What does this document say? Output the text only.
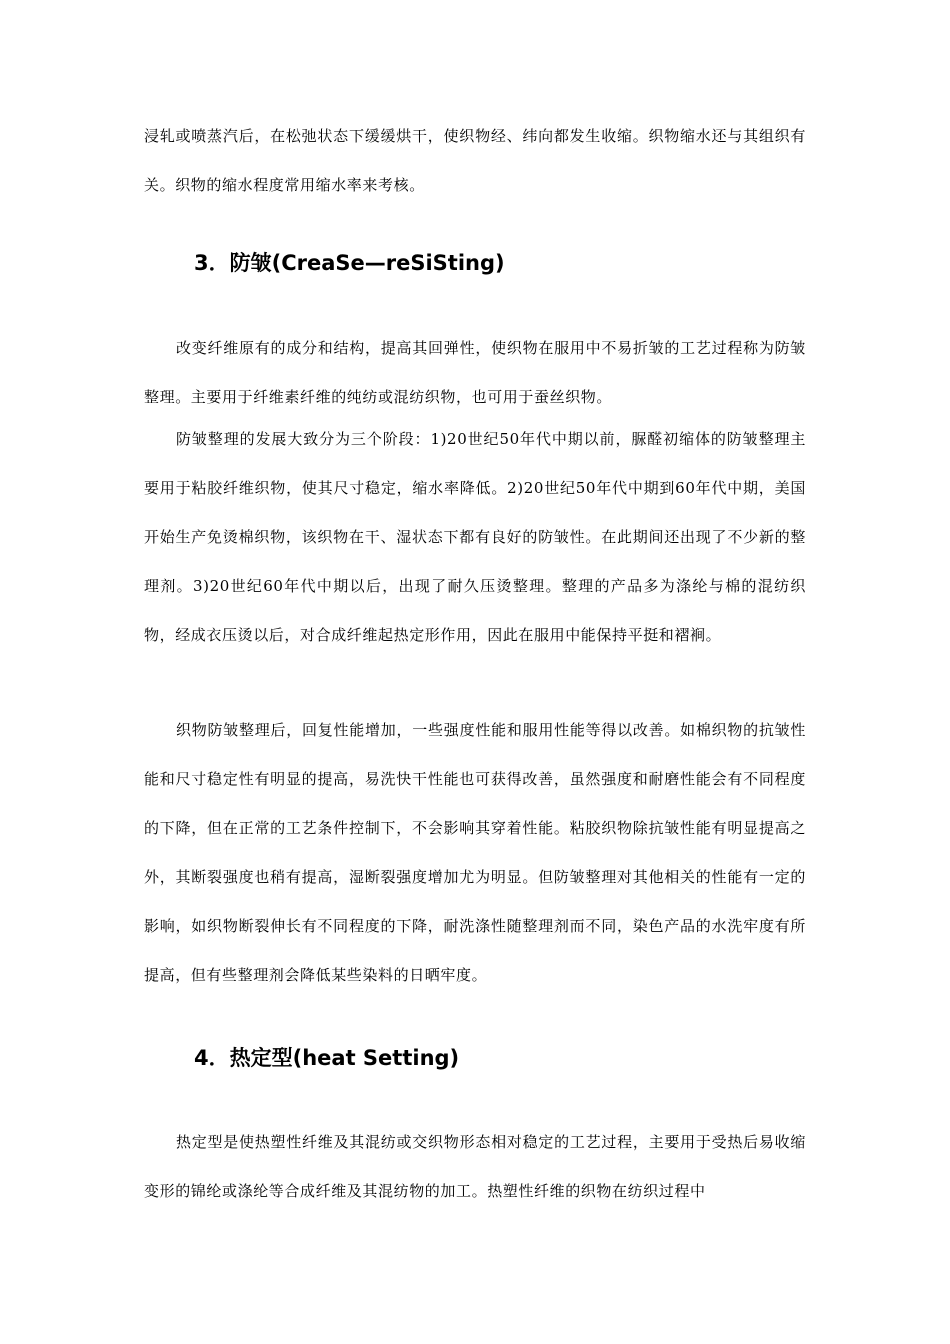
浸轧或喷蒸汽后，在松弛状态下缓缓烘干，使织物经、纬向都发生收缩。织物缩水还与其组织有关。织物的缩水程度常用缩水率来考核。

3．防皱(CreaSe—reSiSting)

改变纤维原有的成分和结构，提高其回弹性，使织物在服用中不易折皱的工艺过程称为防皱整理。主要用于纤维素纤维的纯纺或混纺织物，也可用于蚕丝织物。

防皱整理的发展大致分为三个阶段：1)20世纪50年代中期以前，脲醛初缩体的防皱整理主要用于粘胶纤维织物，使其尺寸稳定，缩水率降低。2)20世纪50年代中期到60年代中期，美国开始生产免烫棉织物，该织物在干、湿状态下都有良好的防皱性。在此期间还出现了不少新的整理剂。3)20世纪60年代中期以后，出现了耐久压烫整理。整理的产品多为涤纶与棉的混纺织物，经成衣压烫以后，对合成纤维起热定形作用，因此在服用中能保持平挺和褶裥。

织物防皱整理后，回复性能增加，一些强度性能和服用性能等得以改善。如棉织物的抗皱性能和尺寸稳定性有明显的提高，易洗快干性能也可获得改善，虽然强度和耐磨性能会有不同程度的下降，但在正常的工艺条件控制下，不会影响其穿着性能。粘胶织物除抗皱性能有明显提高之外，其断裂强度也稍有提高，湿断裂强度增加尤为明显。但防皱整理对其他相关的性能有一定的影响，如织物断裂伸长有不同程度的下降，耐洗涤性随整理剂而不同，染色产品的水洗牢度有所提高，但有些整理剂会降低某些染料的日晒牢度。

4．热定型(heat Setting)

热定型是使热塑性纤维及其混纺或交织物形态相对稳定的工艺过程，主要用于受热后易收缩变形的锦纶或涤纶等合成纤维及其混纺物的加工。热塑性纤维的织物在纺织过程中
